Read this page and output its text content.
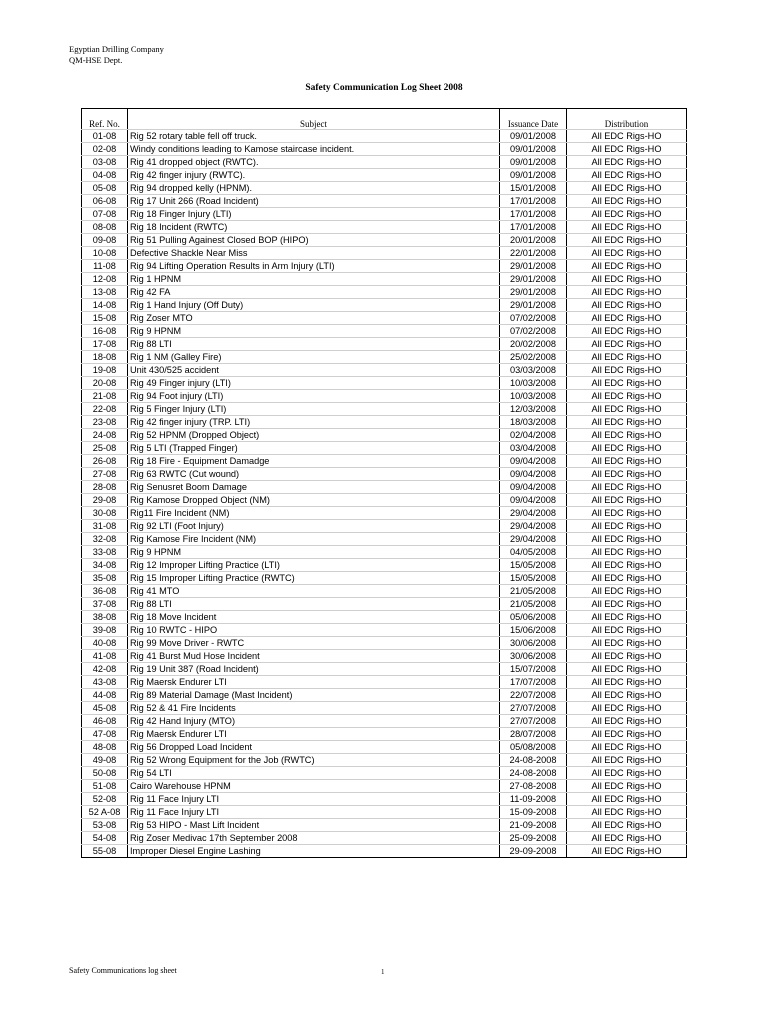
Egyptian Drilling Company
QM-HSE Dept.
Safety Communication Log Sheet 2008
Ref. No.	Subject	Issuance Date	Distribution
01-08	Rig 52 rotary table fell off truck.	09/01/2008	All EDC Rigs-HO
02-08	Windy conditions leading to Kamose staircase incident.	09/01/2008	All EDC Rigs-HO
03-08	Rig 41 dropped object (RWTC).	09/01/2008	All EDC Rigs-HO
04-08	Rig 42 finger injury (RWTC).	09/01/2008	All EDC Rigs-HO
05-08	Rig 94 dropped kelly (HPNM).	15/01/2008	All EDC Rigs-HO
06-08	Rig 17 Unit 266 (Road Incident)	17/01/2008	All EDC Rigs-HO
07-08	Rig 18 Finger Injury (LTI)	17/01/2008	All EDC Rigs-HO
08-08	Rig 18 Incident (RWTC)	17/01/2008	All EDC Rigs-HO
09-08	Rig 51 Pulling Againest Closed BOP (HIPO)	20/01/2008	All EDC Rigs-HO
10-08	Defective Shackle Near Miss	22/01/2008	All EDC Rigs-HO
11-08	Rig 94 Lifting Operation Results in Arm Injury (LTI)	29/01/2008	All EDC Rigs-HO
12-08	Rig 1 HPNM	29/01/2008	All EDC Rigs-HO
13-08	Rig 42 FA	29/01/2008	All EDC Rigs-HO
14-08	Rig 1 Hand Injury (Off Duty)	29/01/2008	All EDC Rigs-HO
15-08	Rig Zoser MTO	07/02/2008	All EDC Rigs-HO
16-08	Rig 9 HPNM	07/02/2008	All EDC Rigs-HO
17-08	Rig 88 LTI	20/02/2008	All EDC Rigs-HO
18-08	Rig 1 NM (Galley Fire)	25/02/2008	All EDC Rigs-HO
19-08	Unit 430/525 accident	03/03/2008	All EDC Rigs-HO
20-08	Rig 49 Finger injury (LTI)	10/03/2008	All EDC Rigs-HO
21-08	Rig 94 Foot injury (LTI)	10/03/2008	All EDC Rigs-HO
22-08	Rig 5 Finger Injury (LTI)	12/03/2008	All EDC Rigs-HO
23-08	Rig 42 finger injury (TRP. LTI)	18/03/2008	All EDC Rigs-HO
24-08	Rig 52 HPNM (Dropped Object)	02/04/2008	All EDC Rigs-HO
25-08	Rig 5 LTI (Trapped Finger)	03/04/2008	All EDC Rigs-HO
26-08	Rig 18 Fire - Equipment Damadge	09/04/2008	All EDC Rigs-HO
27-08	Rig 63 RWTC (Cut wound)	09/04/2008	All EDC Rigs-HO
28-08	Rig Senusret Boom Damage	09/04/2008	All EDC Rigs-HO
29-08	Rig Kamose Dropped Object (NM)	09/04/2008	All EDC Rigs-HO
30-08	Rig11 Fire Incident (NM)	29/04/2008	All EDC Rigs-HO
31-08	Rig 92 LTI (Foot Injury)	29/04/2008	All EDC Rigs-HO
32-08	Rig Kamose Fire Incident (NM)	29/04/2008	All EDC Rigs-HO
33-08	Rig 9 HPNM	04/05/2008	All EDC Rigs-HO
34-08	Rig 12 Improper Lifting Practice (LTI)	15/05/2008	All EDC Rigs-HO
35-08	Rig 15 Improper Lifting Practice (RWTC)	15/05/2008	All EDC Rigs-HO
36-08	Rig 41 MTO	21/05/2008	All EDC Rigs-HO
37-08	Rig 88 LTI	21/05/2008	All EDC Rigs-HO
38-08	Rig 18 Move Incident	05/06/2008	All EDC Rigs-HO
39-08	Rig 10 RWTC - HIPO	15/06/2008	All EDC Rigs-HO
40-08	Rig 99 Move Driver - RWTC	30/06/2008	All EDC Rigs-HO
41-08	Rig 41 Burst Mud Hose Incident	30/06/2008	All EDC Rigs-HO
42-08	Rig 19 Unit 387 (Road Incident)	15/07/2008	All EDC Rigs-HO
43-08	Rig Maersk Endurer LTI	17/07/2008	All EDC Rigs-HO
44-08	Rig 89 Material Damage (Mast Incident)	22/07/2008	All EDC Rigs-HO
45-08	Rig 52 & 41 Fire Incidents	27/07/2008	All EDC Rigs-HO
46-08	Rig 42 Hand Injury (MTO)	27/07/2008	All EDC Rigs-HO
47-08	Rig Maersk Endurer LTI	28/07/2008	All EDC Rigs-HO
48-08	Rig 56 Dropped Load Incident	05/08/2008	All EDC Rigs-HO
49-08	Rig 52 Wrong Equipment for the Job (RWTC)	24-08-2008	All EDC Rigs-HO
50-08	Rig 54 LTI	24-08-2008	All EDC Rigs-HO
51-08	Cairo Warehouse HPNM	27-08-2008	All EDC Rigs-HO
52-08	Rig 11 Face Injury LTI	11-09-2008	All EDC Rigs-HO
52 A-08	Rig 11 Face Injury LTI	15-09-2008	All EDC Rigs-HO
53-08	Rig 53 HIPO - Mast Lift Incident	21-09-2008	All EDC Rigs-HO
54-08	Rig Zoser Medivac 17th September 2008	25-09-2008	All EDC Rigs-HO
55-08	Improper Diesel Engine Lashing	29-09-2008	All EDC Rigs-HO
Safety Communications log sheet	1
